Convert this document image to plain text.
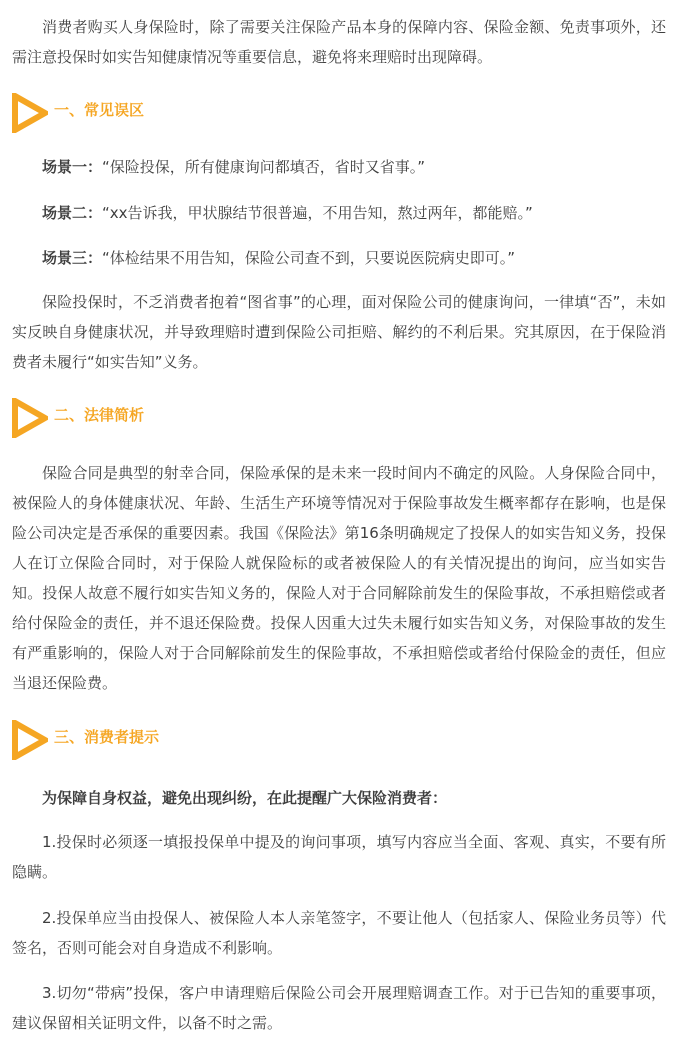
消费者购买人身保险时，除了需要关注保险产品本身的保障内容、保险金额、免责事项外，还需注意投保时如实告知健康情况等重要信息，避免将来理赔时出现障碍。

一、常见误区

场景一：“保险投保，所有健康询问都填否，省时又省事。”

场景二：“xx告诉我，甲状腺结节很普遍，不用告知，熬过两年，都能赔。”

场景三：“体检结果不用告知，保险公司查不到，只要说医院病史即可。”

保险投保时，不乏消费者抱着“图省事”的心理，面对保险公司的健康询问，一律填“否”，未如实反映自身健康状况，并导致理赔时遭到保险公司拒赔、解约的不利后果。究其原因，在于保险消费者未履行“如实告知”义务。

二、法律简析

保险合同是典型的射幸合同，保险承保的是未来一段时间内不确定的风险。人身保险合同中，被保险人的身体健康状况、年龄、生活生产环境等情况对于保险事故发生概率都存在影响，也是保险公司决定是否承保的重要因素。我国《保险法》第16条明确规定了投保人的如实告知义务，投保人在订立保险合同时，对于保险人就保险标的或者被保险人的有关情况提出的询问，应当如实告知。投保人故意不履行如实告知义务的，保险人对于合同解除前发生的保险事故，不承担赔偿或者给付保险金的责任，并不退还保险费。投保人因重大过失未履行如实告知义务，对保险事故的发生有严重影响的，保险人对于合同解除前发生的保险事故，不承担赔偿或者给付保险金的责任，但应当退还保险费。

三、消费者提示

为保障自身权益，避免出现纠纷，在此提醒广大保险消费者：

1.投保时必须逐一填报投保单中提及的询问事项，填写内容应当全面、客观、真实，不要有所隐瞒。

2.投保单应当由投保人、被保险人本人亲笔签字，不要让他人（包括家人、保险业务员等）代签名，否则可能会对自身造成不利影响。

3.切勿“带病”投保，客户申请理赔后保险公司会开展理赔调查工作。对于已告知的重要事项，建议保留相关证明文件，以备不时之需。
